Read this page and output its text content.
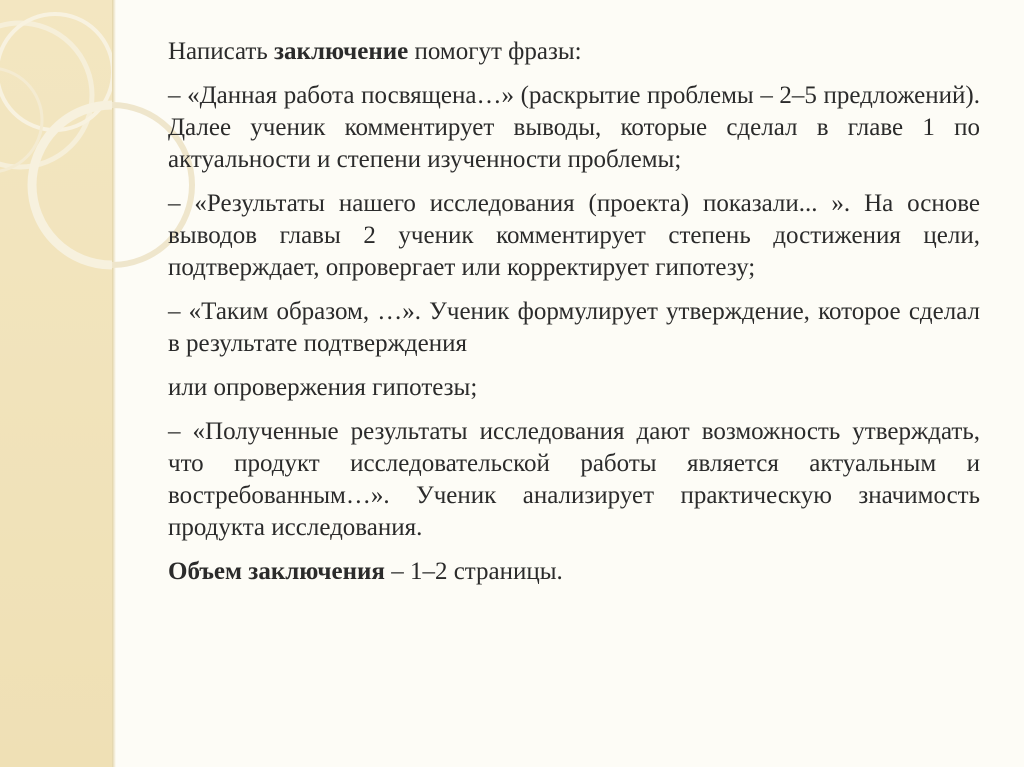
Написать заключение помогут фразы:

– «Данная работа посвящена…» (раскрытие проблемы – 2–5 предложений). Далее ученик комментирует выводы, которые сделал в главе 1 по актуальности и степени изученности проблемы;

– «Результаты нашего исследования (проекта) показали... ». На основе выводов главы 2 ученик комментирует степень достижения цели, подтверждает, опровергает или корректирует гипотезу;

– «Таким образом, …». Ученик формулирует утверждение, которое сделал в результате подтверждения

или опровержения гипотезы;

– «Полученные результаты исследования дают возможность утверждать, что продукт исследовательской работы является актуальным и востребованным…». Ученик анализирует практическую значимость продукта исследования.

Объем заключения – 1–2 страницы.
